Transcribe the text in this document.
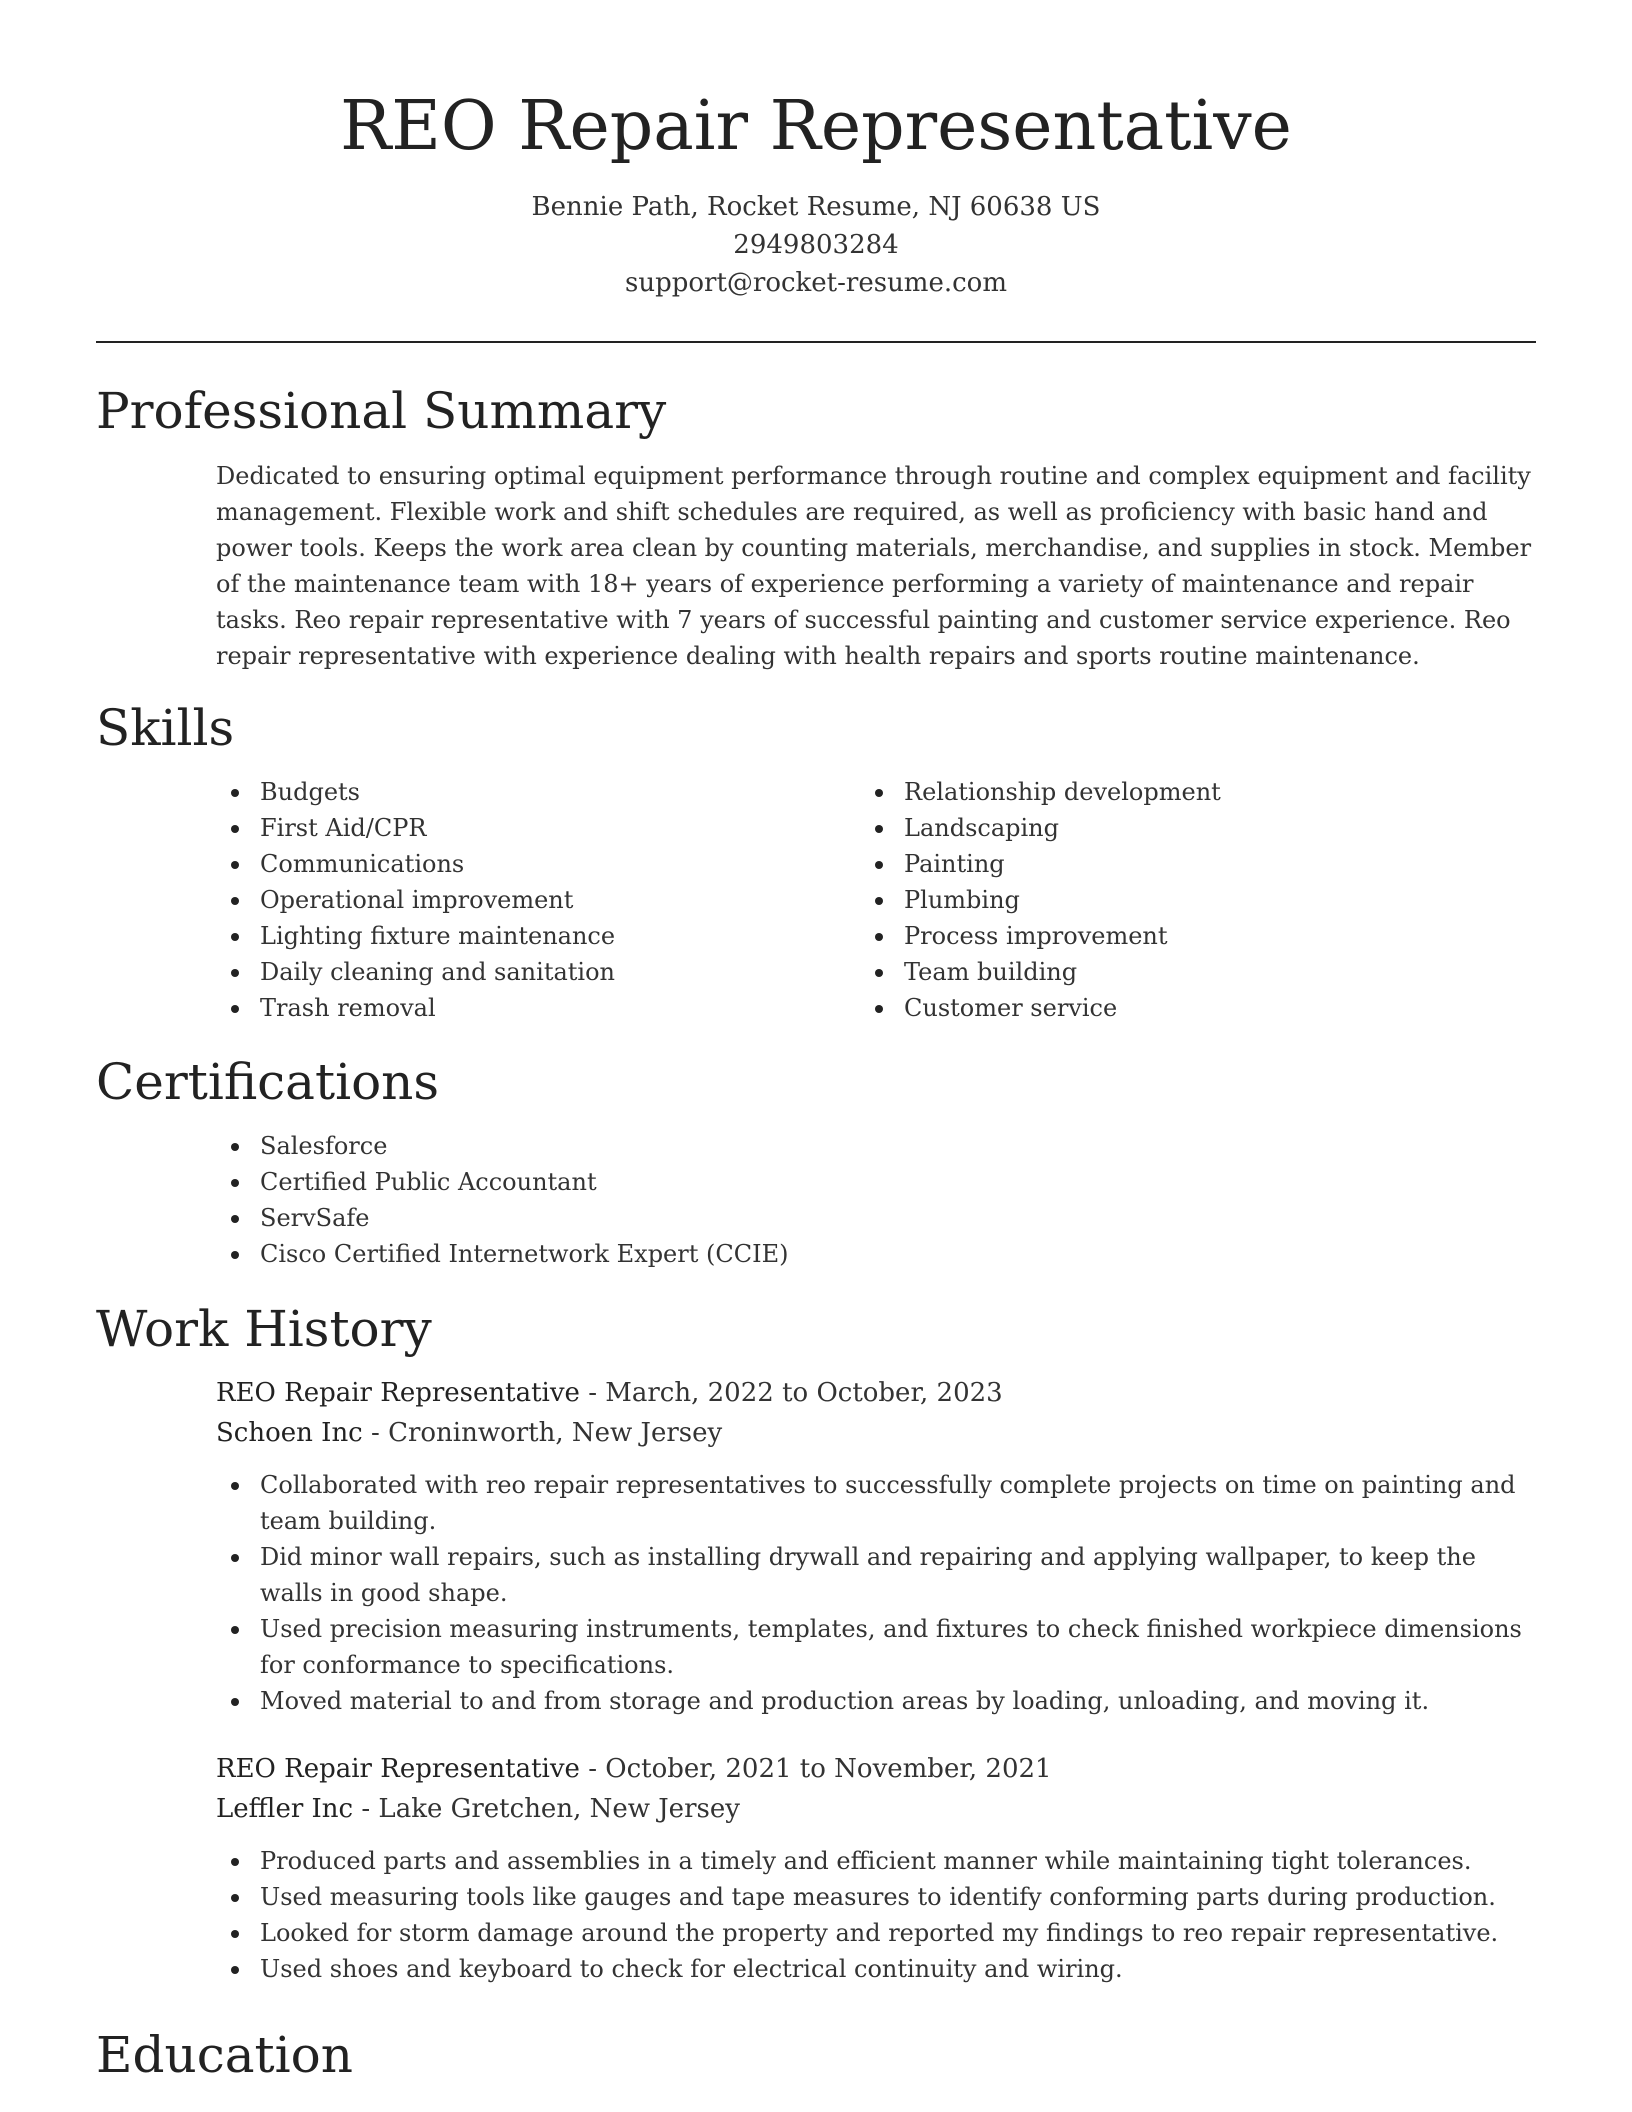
REO Repair Representative
Bennie Path, Rocket Resume, NJ 60638 US
2949803284
support@rocket-resume.com
Professional Summary

Dedicated to ensuring optimal equipment performance through routine and complex equipment and facility management. Flexible work and shift schedules are required, as well as proficiency with basic hand and power tools. Keeps the work area clean by counting materials, merchandise, and supplies in stock. Member of the maintenance team with 18+ years of experience performing a variety of maintenance and repair tasks. Reo repair representative with 7 years of successful painting and customer service experience. Reo repair representative with experience dealing with health repairs and sports routine maintenance.

Skills
Budgets
First Aid/CPR
Communications
Operational improvement
Lighting fixture maintenance
Daily cleaning and sanitation
Trash removal
Relationship development
Landscaping
Painting
Plumbing
Process improvement
Team building
Customer service
Certifications
Salesforce
Certified Public Accountant
ServSafe
Cisco Certified Internetwork Expert (CCIE)
Work History
REO Repair Representative - March, 2022 to October, 2023
Schoen Inc - Croninworth, New Jersey
Collaborated with reo repair representatives to successfully complete projects on time on painting and team building.
Did minor wall repairs, such as installing drywall and repairing and applying wallpaper, to keep the walls in good shape.
Used precision measuring instruments, templates, and fixtures to check finished workpiece dimensions for conformance to specifications.
Moved material to and from storage and production areas by loading, unloading, and moving it.
REO Repair Representative - October, 2021 to November, 2021
Leffler Inc - Lake Gretchen, New Jersey
Produced parts and assemblies in a timely and efficient manner while maintaining tight tolerances.
Used measuring tools like gauges and tape measures to identify conforming parts during production.
Looked for storm damage around the property and reported my findings to reo repair representative.
Used shoes and keyboard to check for electrical continuity and wiring.
Education
